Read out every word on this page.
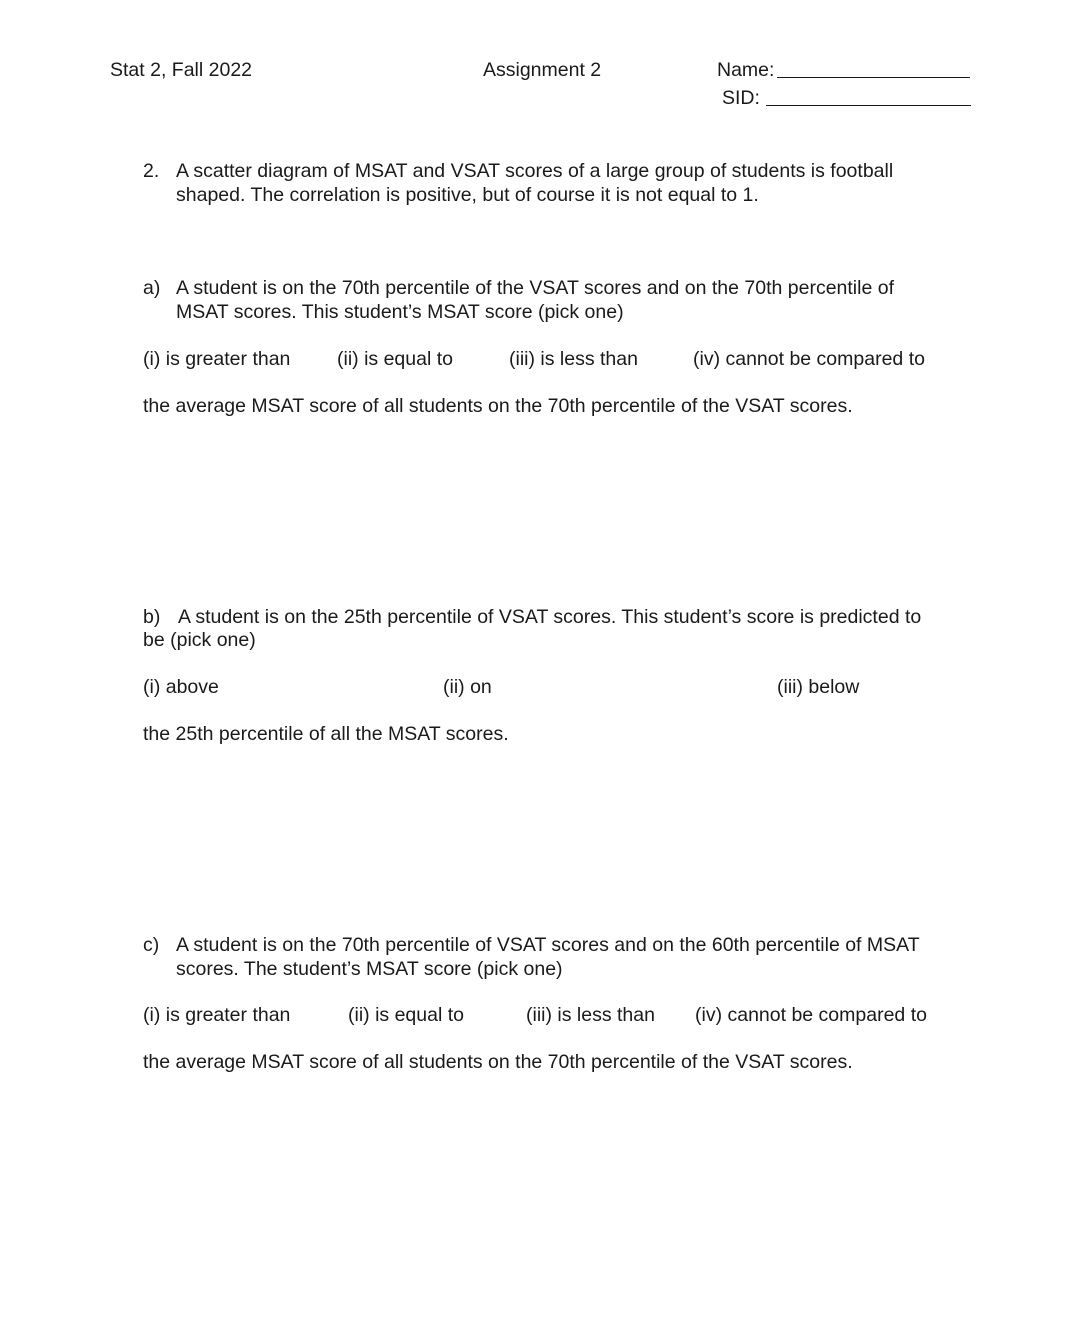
Stat 2, Fall 2022	Assignment 2	Name:
SID:
2. A scatter diagram of MSAT and VSAT scores of a large group of students is football
shaped. The correlation is positive, but of course it is not equal to 1.
a) A student is on the 70th percentile of the VSAT scores and on the 70th percentile of
MSAT scores. This student’s MSAT score (pick one)
(i) is greater than (ii) is equal to	(iii) is less than	(iv) cannot be compared to
the average MSAT score of all students on the 70th percentile of the VSAT scores.
b) A student is on the 25th percentile of VSAT scores. This student’s score is predicted to
be (pick one)
(i) above	(ii) on	(iii) below
the 25th percentile of all the MSAT scores.
c) A student is on the 70th percentile of VSAT scores and on the 60th percentile of MSAT
scores. The student’s MSAT score (pick one)
(i) is greater than	(ii) is equal to	(iii) is less than (iv) cannot be compared to
the average MSAT score of all students on the 70th percentile of the VSAT scores.
